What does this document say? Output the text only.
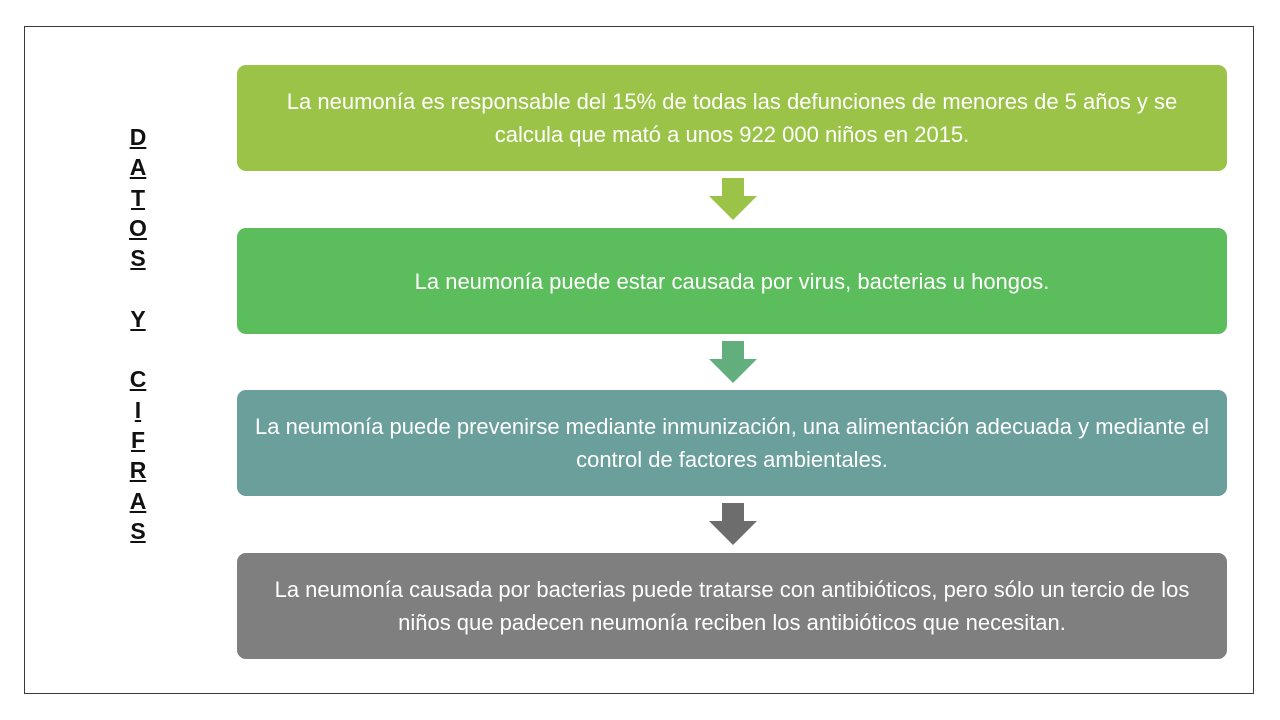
D
A
T
O
S
Y
C
I
F
R
A
S
La neumonía es responsable del 15% de todas las defunciones de menores de 5 años y se calcula que mató a unos 922 000 niños en 2015.
La neumonía puede estar causada por virus, bacterias u hongos.
La neumonía puede prevenirse mediante inmunización, una alimentación adecuada y mediante el control de factores ambientales.
La neumonía causada por bacterias puede tratarse con antibióticos, pero sólo un tercio de los niños que padecen neumonía reciben los antibióticos que necesitan.
